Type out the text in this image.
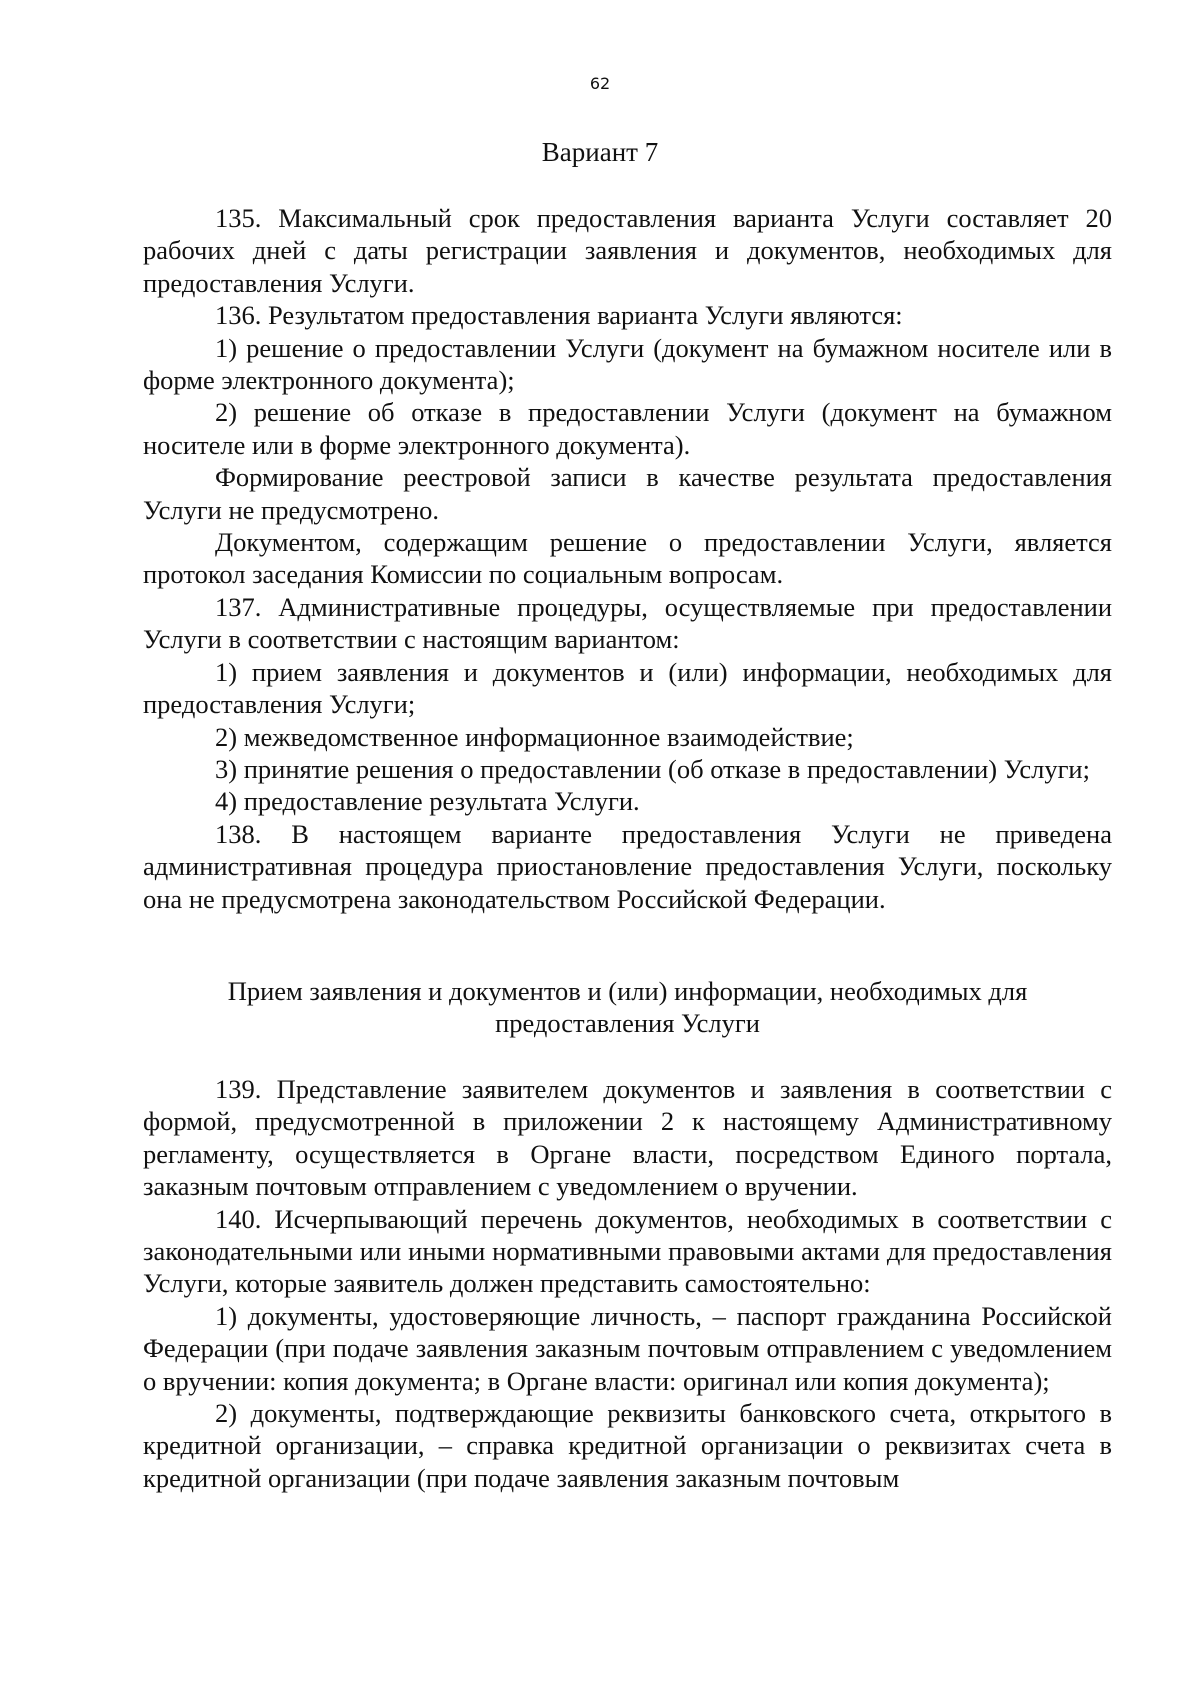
62
Вариант 7

135. Максимальный срок предоставления варианта Услуги составляет 20 рабочих дней с даты регистрации заявления и документов, необходимых для предоставления Услуги.

136. Результатом предоставления варианта Услуги являются:

1) решение о предоставлении Услуги (документ на бумажном носителе или в форме электронного документа);

2) решение об отказе в предоставлении Услуги (документ на бумажном носителе или в форме электронного документа).

Формирование реестровой записи в качестве результата предоставления Услуги не предусмотрено.

Документом, содержащим решение о предоставлении Услуги, является протокол заседания Комиссии по социальным вопросам.

137. Административные процедуры, осуществляемые при предоставлении Услуги в соответствии с настоящим вариантом:

1) прием заявления и документов и (или) информации, необходимых для предоставления Услуги;

2) межведомственное информационное взаимодействие;

3) принятие решения о предоставлении (об отказе в предоставлении) Услуги;

4) предоставление результата Услуги.

138. В настоящем варианте предоставления Услуги не приведена административная процедура приостановление предоставления Услуги, поскольку она не предусмотрена законодательством Российской Федерации.

Прием заявления и документов и (или) информации, необходимых для
предоставления Услуги

139. Представление заявителем документов и заявления в соответствии с формой, предусмотренной в приложении 2 к настоящему Административному регламенту, осуществляется в Органе власти, посредством Единого портала, заказным почтовым отправлением с уведомлением о вручении.

140. Исчерпывающий перечень документов, необходимых в соответствии с законодательными или иными нормативными правовыми актами для предоставления Услуги, которые заявитель должен представить самостоятельно:

1) документы, удостоверяющие личность, – паспорт гражданина Российской Федерации (при подаче заявления заказным почтовым отправлением с уведомлением о вручении: копия документа; в Органе власти: оригинал или копия документа);

2) документы, подтверждающие реквизиты банковского счета, открытого в кредитной организации, – справка кредитной организации о реквизитах счета в кредитной организации (при подаче заявления заказным почтовым
